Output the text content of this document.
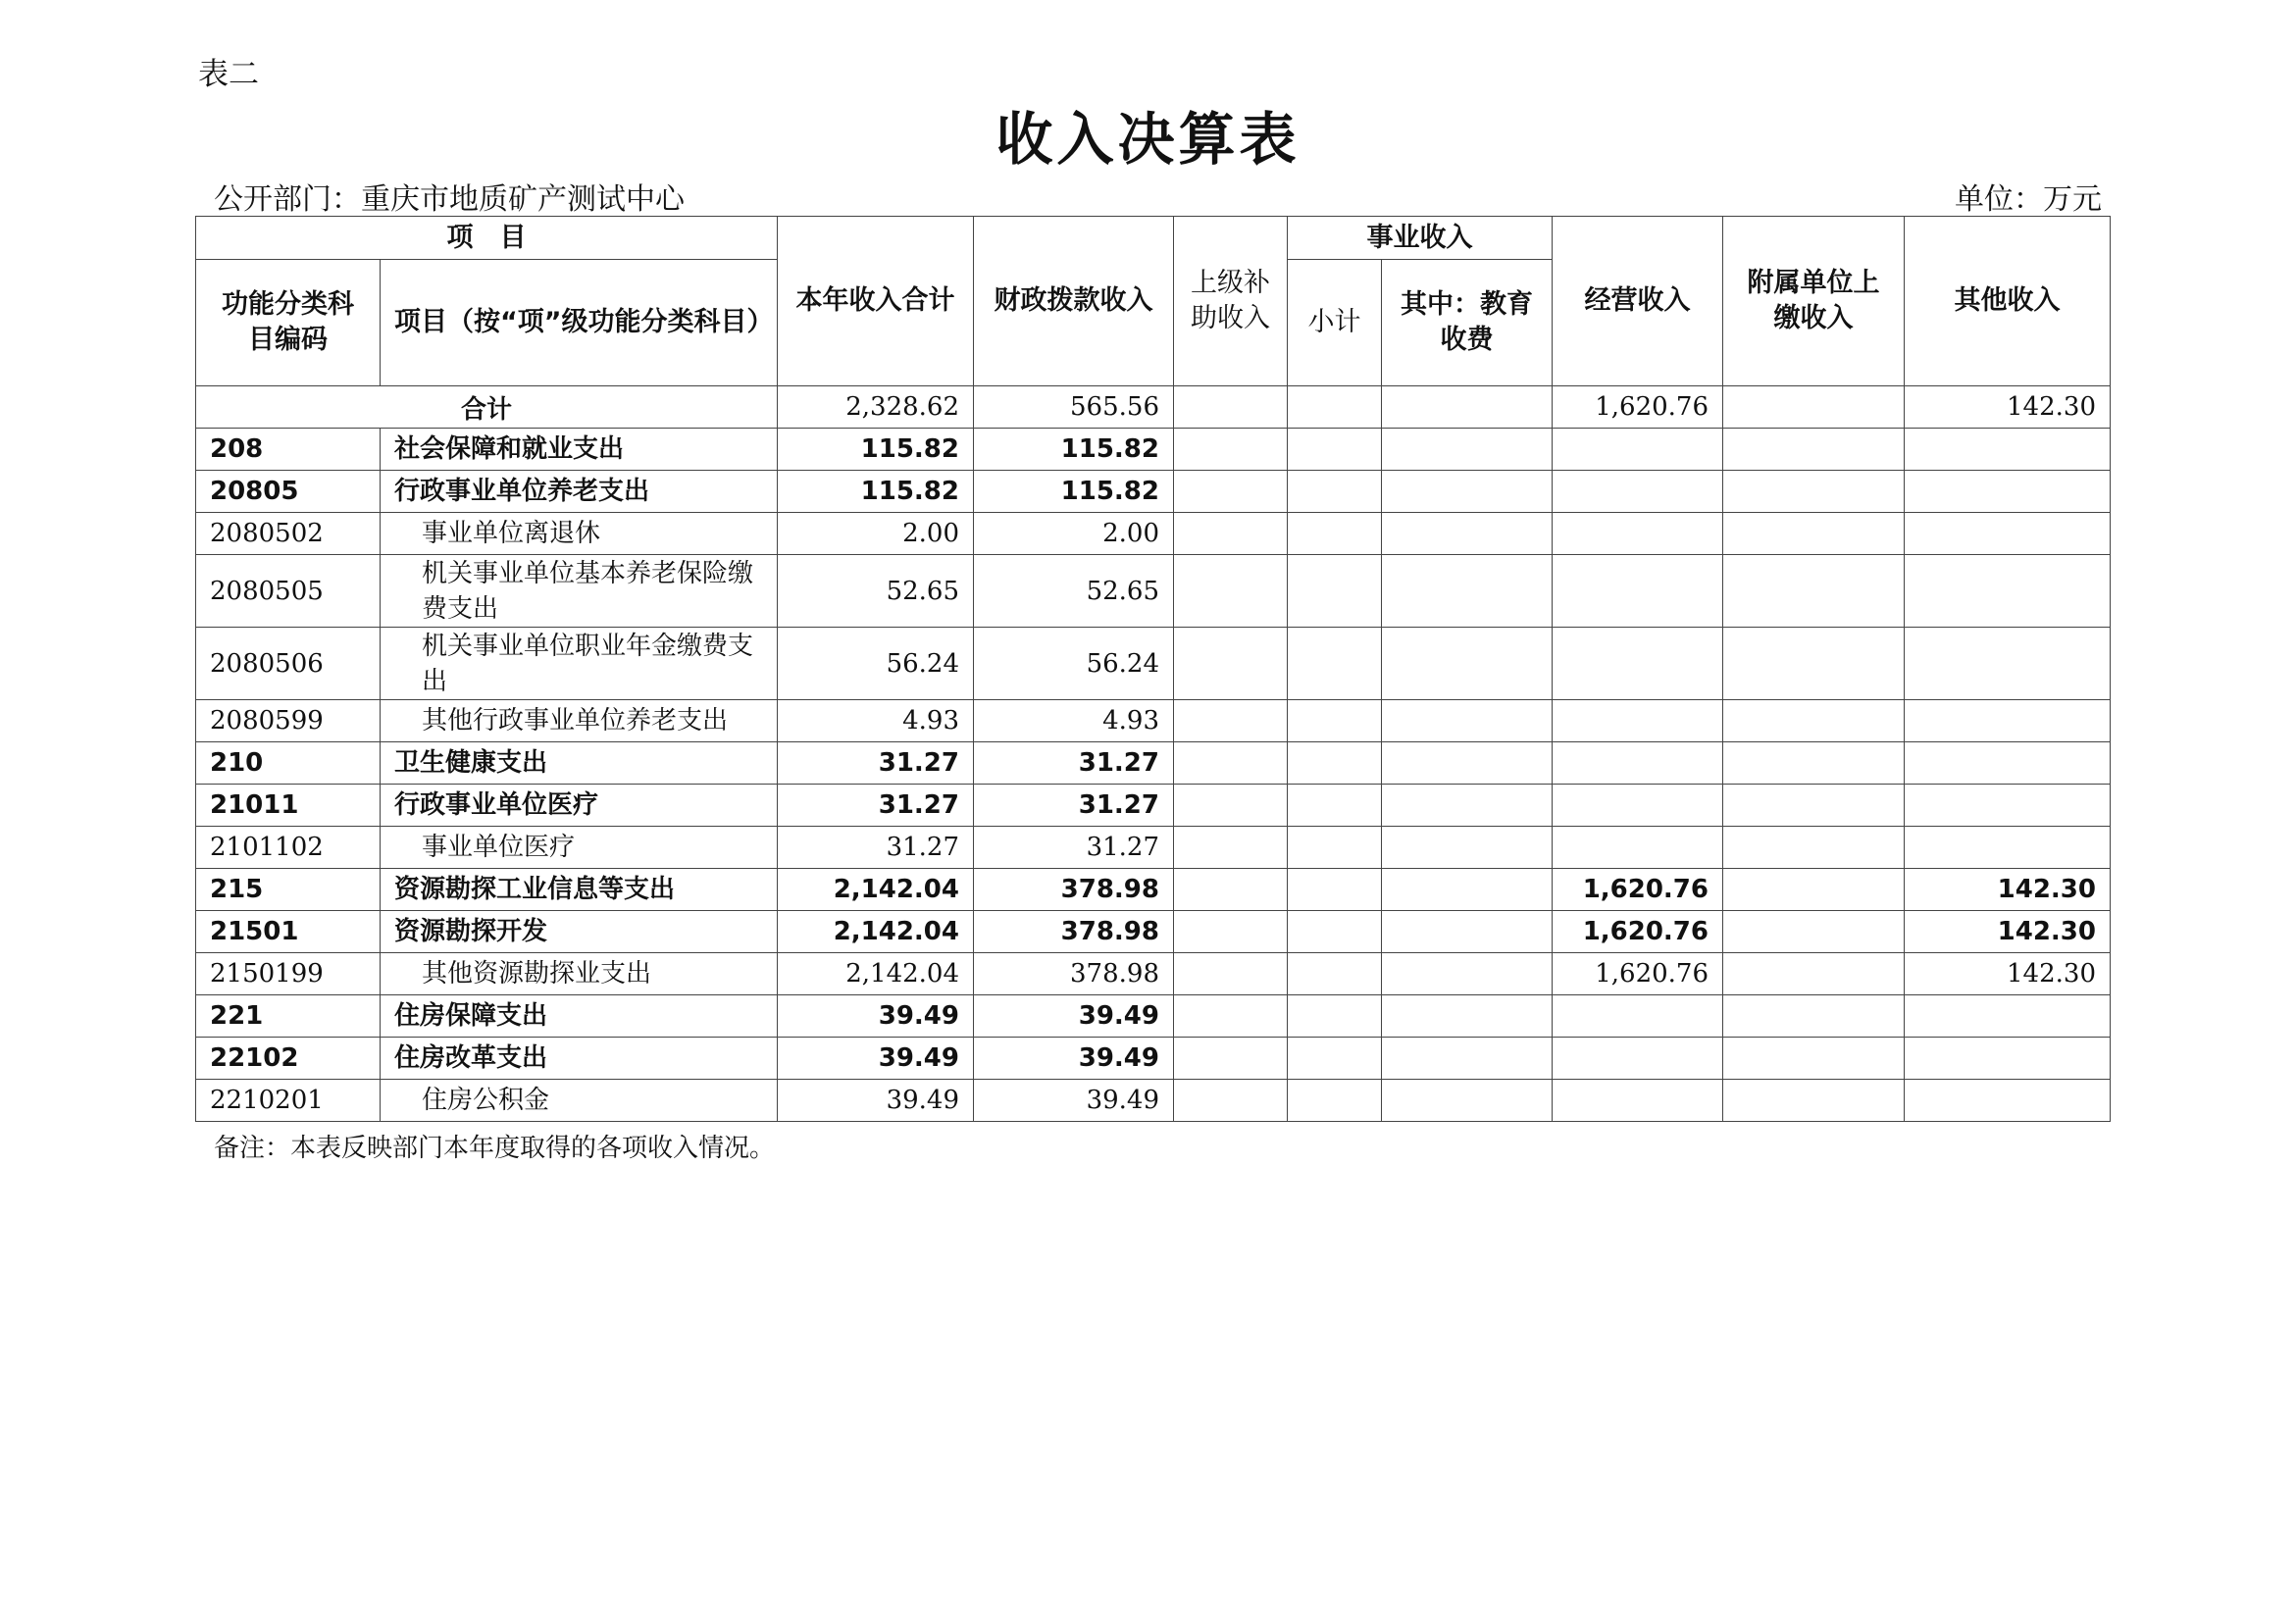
表二
收入决算表
公开部门：重庆市地质矿产测试中心	单位：万元
项　目		本年收入合计	财政拨款收入	上级补助收入	事业收入		经营收入	附属单位上缴收入	其他收入
功能分类科目编码	项目（按“项”级功能分类科目）				小计	其中：教育收费			

合计		2,328.62	565.56				1,620.76		142.30
208	社会保障和就业支出	115.82	115.82						
20805	行政事业单位养老支出	115.82	115.82						
2080502	事业单位离退休	2.00	2.00						
2080505	机关事业单位基本养老保险缴费支出	52.65	52.65						
2080506	机关事业单位职业年金缴费支出	56.24	56.24						
2080599	其他行政事业单位养老支出	4.93	4.93						
210	卫生健康支出	31.27	31.27						
21011	行政事业单位医疗	31.27	31.27						
2101102	事业单位医疗	31.27	31.27						
215	资源勘探工业信息等支出	2,142.04	378.98				1,620.76		142.30
21501	资源勘探开发	2,142.04	378.98				1,620.76		142.30
2150199	其他资源勘探业支出	2,142.04	378.98				1,620.76		142.30
221	住房保障支出	39.49	39.49						
22102	住房改革支出	39.49	39.49						
2210201	住房公积金	39.49	39.49						
备注：本表反映部门本年度取得的各项收入情况。
